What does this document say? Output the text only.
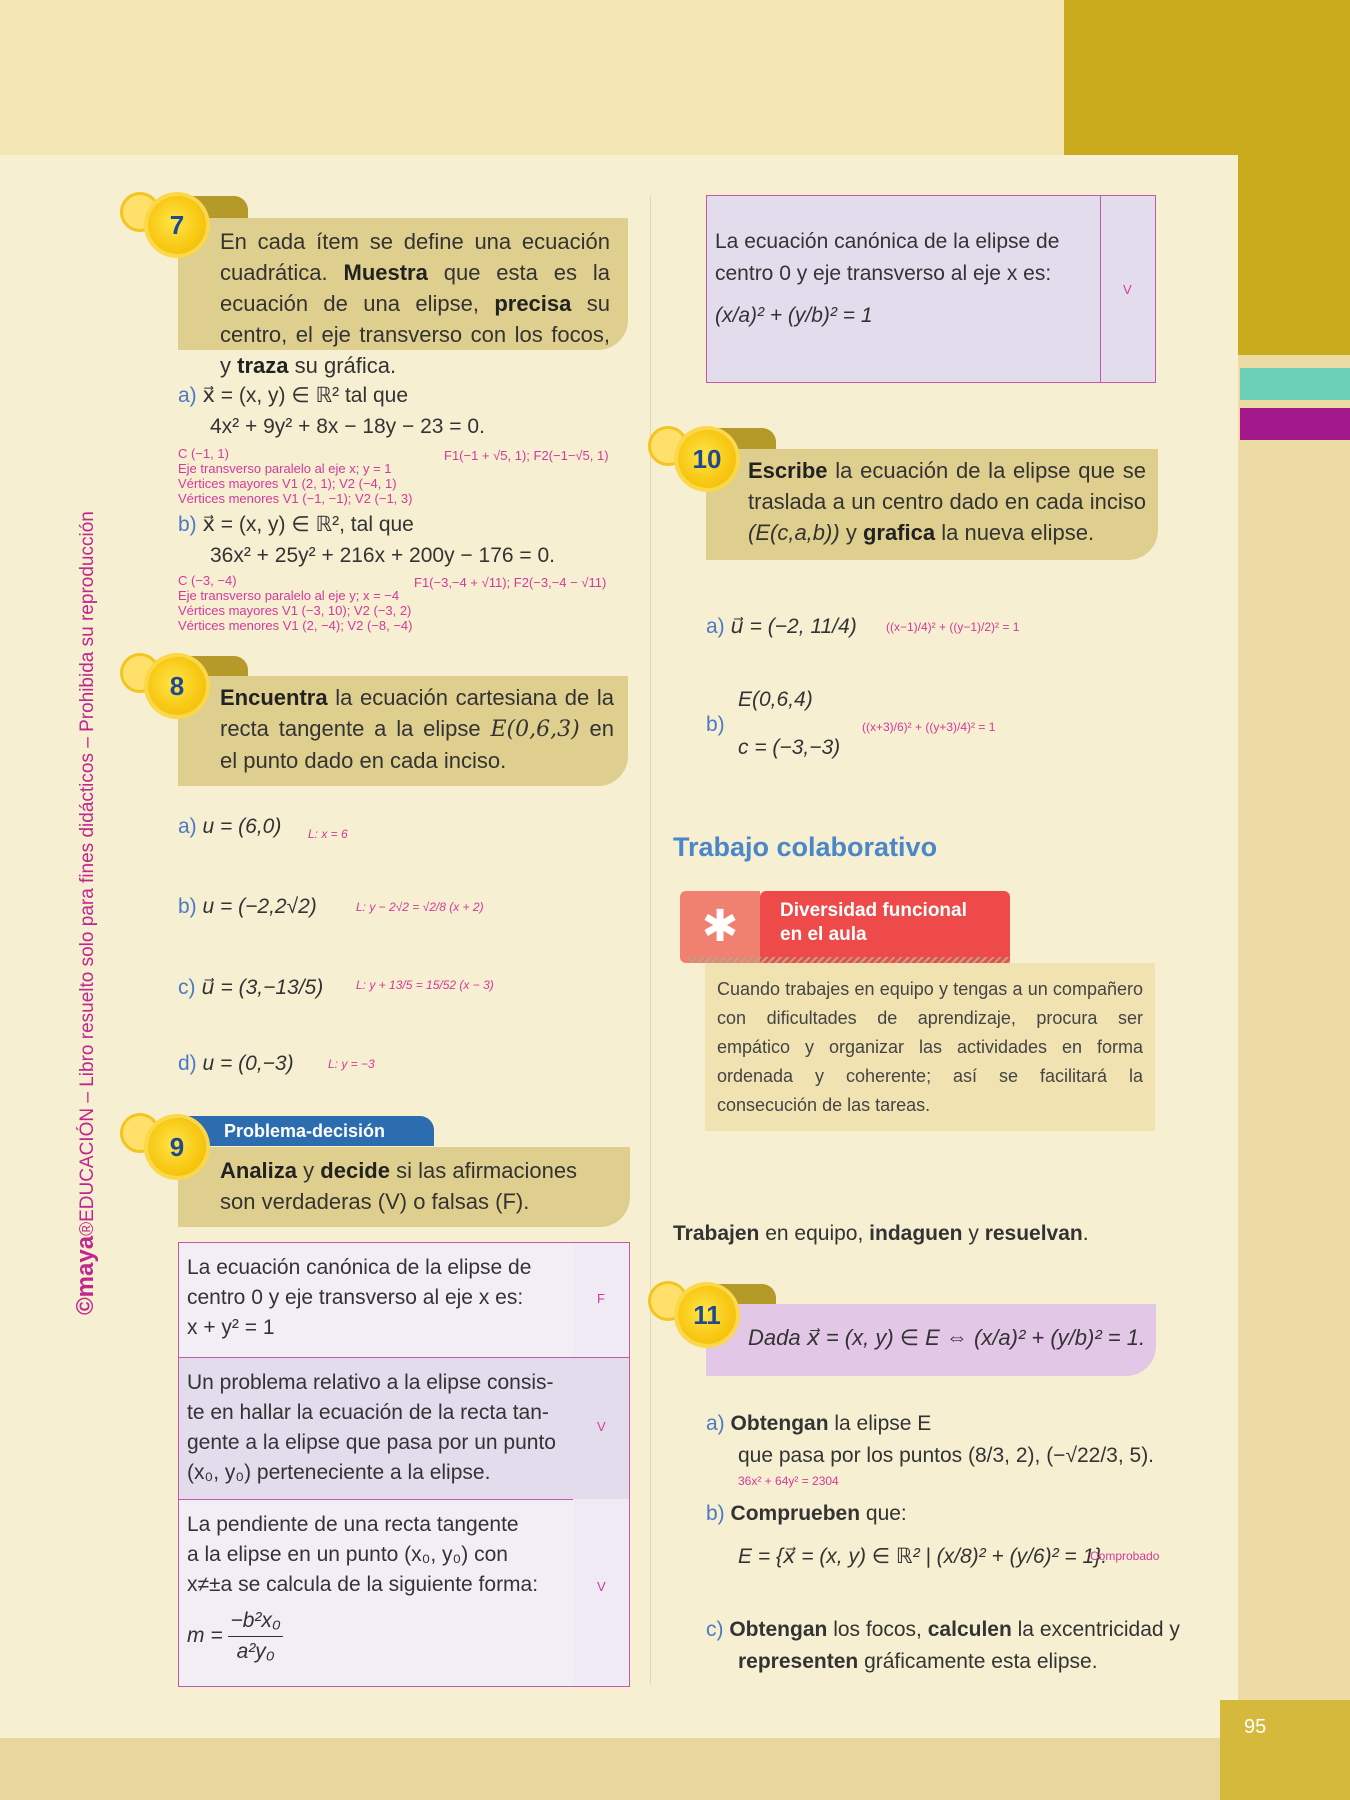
95
©maya®EDUCACIÓN – Libro resuelto solo para fines didácticos – Prohibida su reproducción
En cada ítem se define una ecuación cuadrática. Muestra que esta es la ecuación de una elipse, precisa su centro, el eje transverso con los focos, y traza su gráfica.
7
a) x⃗ = (x, y) ∈ ℝ² tal que
4x² + 9y² + 8x − 18y − 23 = 0.
C (−1, 1)
Eje transverso paralelo al eje x; y = 1
Vértices mayores V1 (2, 1); V2 (−4, 1)
Vértices menores V1 (−1, −1); V2 (−1, 3)
F1(−1 + √5, 1); F2(−1−√5, 1)
b) x⃗ = (x, y) ∈ ℝ², tal que
36x² + 25y² + 216x + 200y − 176 = 0.
C (−3, −4)
Eje transverso paralelo al eje y; x = −4
Vértices mayores V1 (−3, 10); V2 (−3, 2)
Vértices menores V1 (2, −4); V2 (−8, −4)
F1(−3,−4 + √11); F2(−3,−4 − √11)
Encuentra la ecuación cartesiana de la recta tangente a la elipse E(0,6,3) en el punto dado en cada inciso.
8
a) u = (6,0) L: x = 6
b) u = (−2,2√2)	L: y − 2√2 = √2/8 (x + 2)
c) u⃗ = (3,−13/5)	L: y + 13/5 = 15/52 (x − 3)
d) u = (0,−3)	L: y = −3
Problema-decisión
Analiza y decide si las afirmaciones son verdaderas (V) o falsas (F).
9
La ecuación canónica de la elipse de
centro 0 y eje transverso al eje x es:
x + y² = 1
F
Un problema relativo a la elipse consis-
te en hallar la ecuación de la recta tan-
gente a la elipse que pasa por un punto
(x₀, y₀) perteneciente a la elipse.
V
La pendiente de una recta tangente
a la elipse en un punto (x₀, y₀) con
x≠±a se calcula de la siguiente forma:
$m = \frac{\text{−b²x₀}}{\text{a²y₀}}$
V
La ecuación canónica de la elipse de
centro 0 y eje transverso al eje x es:
(x/a)² + (y/b)² = 1
V
Escribe la ecuación de la elipse que se traslada a un centro dado en cada inciso (E(c,a,b)) y grafica la nueva elipse.
10
a) u⃗ = (−2, 11/4) ((x−1)/4)² + ((y−1)/2)² = 1
E(0,6,4)
b)
c = (−3,−3)
((x+3)/6)² + ((y+3)/4)² = 1
Trabajo colaborativo
✱	Diversidad funcional
en el aula
Cuando trabajes en equipo y tengas a un compañero con dificultades de aprendizaje, procura ser empático y organizar las actividades en forma ordenada y coherente; así se facilitará la consecución de las tareas.
Trabajen en equipo, indaguen y resuelvan.
Dada x⃗ = (x, y) ∈ E ⇔ (x/a)² + (y/b)² = 1.
11
a) Obtengan la elipse E
que pasa por los puntos (8/3, 2), (−√22/3, 5).
36x² + 64y² = 2304
b) Comprueben que:
E = {x⃗ = (x, y) ∈ ℝ² | (x/8)² + (y/6)² = 1}.
Comprobado
c) Obtengan los focos, calculen la excentricidad y
representen gráficamente esta elipse.
